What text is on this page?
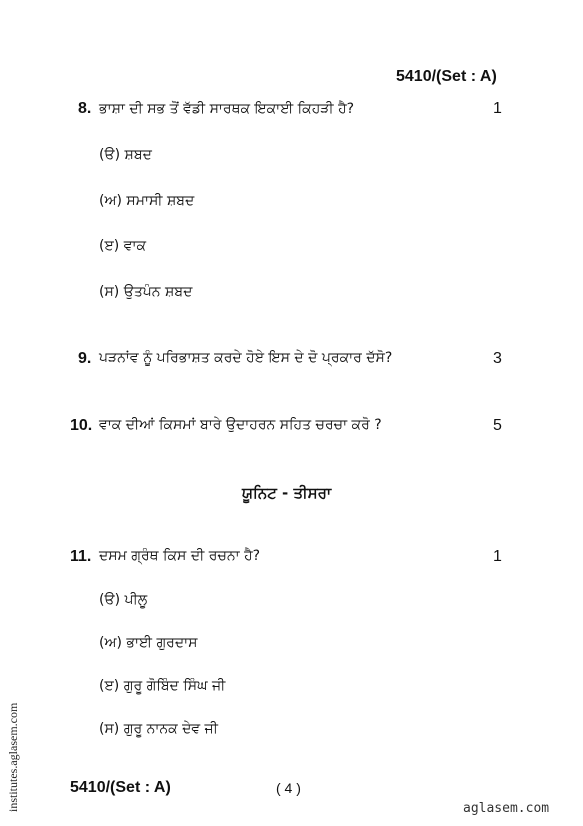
5410/(Set : A)
8. ਭਾਸ਼ਾ ਦੀ ਸਭ ਤੋਂ ਵੱਡੀ ਸਾਰਥਕ ਇਕਾਈ ਕਿਹੜੀ ਹੈ?	1
(ੳ) ਸ਼ਬਦ
(ਅ) ਸਮਾਸੀ ਸ਼ਬਦ
(ੲ) ਵਾਕ
(ਸ) ਉਤਪੰਨ ਸ਼ਬਦ
9. ਪੜਨਾਂਵ ਨੂੰ ਪਰਿਭਾਸ਼ਤ ਕਰਦੇ ਹੋਏ ਇਸ ਦੇ ਦੋ ਪ੍ਰਕਾਰ ਦੱਸੋ?	3
10. ਵਾਕ ਦੀਆਂ ਕਿਸਮਾਂ ਬਾਰੇ ਉਦਾਹਰਨ ਸਹਿਤ ਚਰਚਾ ਕਰੋ ?	5
ਯੂਨਿਟ - ਤੀਸਰਾ
11. ਦਸਮ ਗ੍ਰੰਥ ਕਿਸ ਦੀ ਰਚਨਾ ਹੈ?	1
(ੳ) ਪੀਲੂ
(ਅ) ਭਾਈ ਗੁਰਦਾਸ
(ੲ) ਗੁਰੂ ਗੋਬਿੰਦ ਸਿੰਘ ਜੀ
(ਸ) ਗੁਰੂ ਨਾਨਕ ਦੇਵ ਜੀ
5410/(Set : A)	( 4 )
aglasem.com
institutes.aglasem.com
